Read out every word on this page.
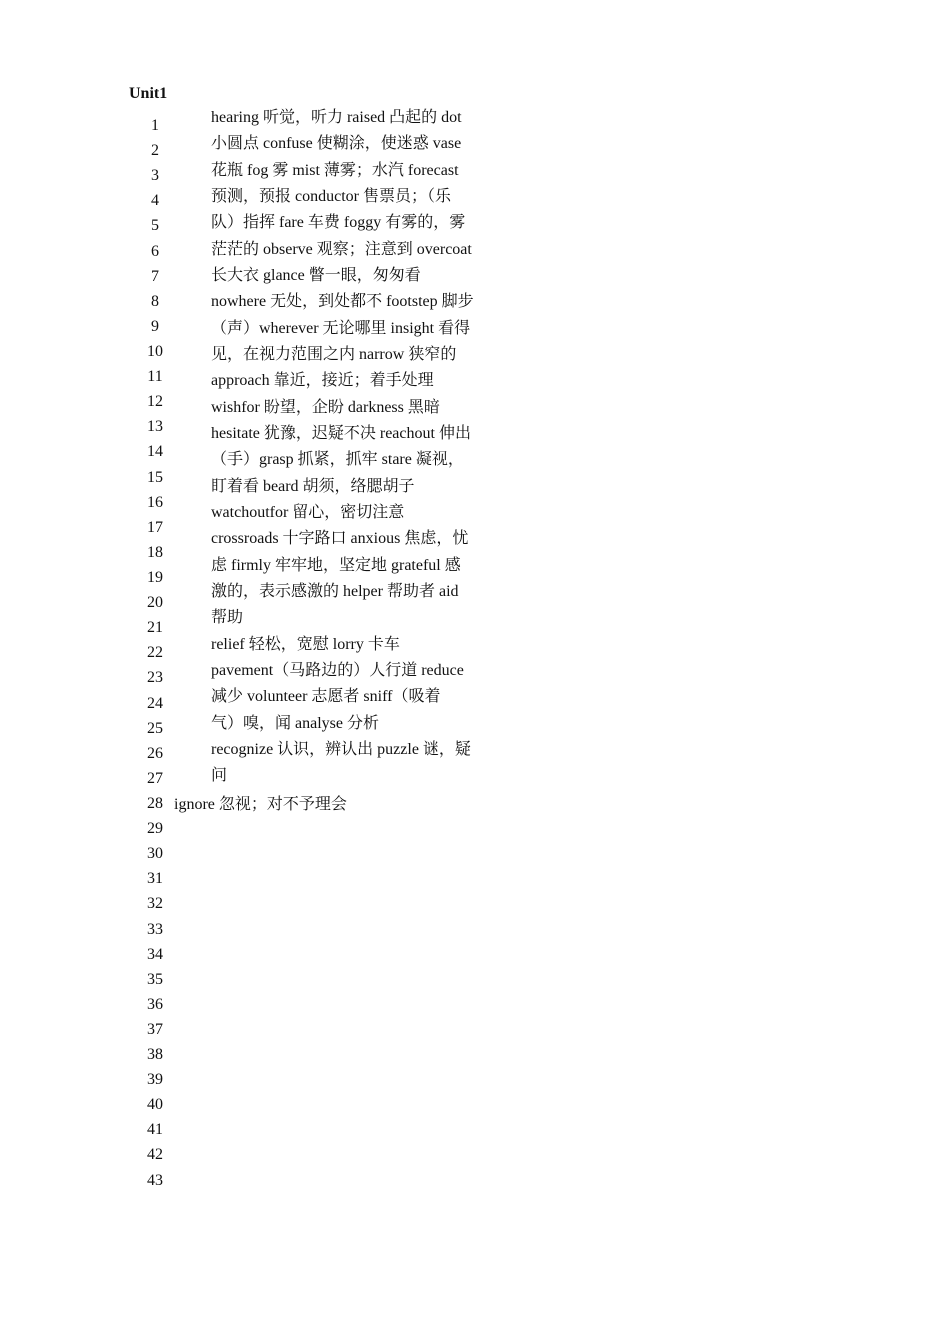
Unit1
1
2
3
4
5
6
7
8
9
10
11
12
13
14
15
16
17
18
19
20
21
22
23
24
25
26
27
28
29
30
31
32
33
34
35
36
37
38
39
40
41
42
43
hearing 听觉，听力 raised 凸起的 dot
小圆点 confuse 使糊涂，使迷惑 vase
花瓶 fog 雾 mist 薄雾；水汽 forecast
预测，预报 conductor 售票员；（乐
队）指挥 fare 车费 foggy 有雾的，雾
茫茫的 observe 观察；注意到 overcoat
长大衣 glance 瞥一眼，匆匆看
nowhere 无处，到处都不 footstep 脚步
（声）wherever 无论哪里 insight 看得
见，在视力范围之内 narrow 狭窄的
approach 靠近，接近；着手处理
wishfor 盼望，企盼 darkness 黑暗
hesitate 犹豫，迟疑不决 reachout 伸出
（手）grasp 抓紧，抓牢 stare 凝视，
盯着看 beard 胡须，络腮胡子
watchoutfor 留心，密切注意
crossroads 十字路口 anxious 焦虑，忧
虑 firmly 牢牢地，坚定地 grateful 感
激的，表示感激的 helper 帮助者 aid
帮助
relief 轻松，宽慰 lorry 卡车
pavement（马路边的）人行道 reduce
减少 volunteer 志愿者 sniff（吸着
气）嗅，闻 analyse 分析
recognize 认识，辨认出 puzzle 谜，疑
问
ignore 忽视；对不予理会
